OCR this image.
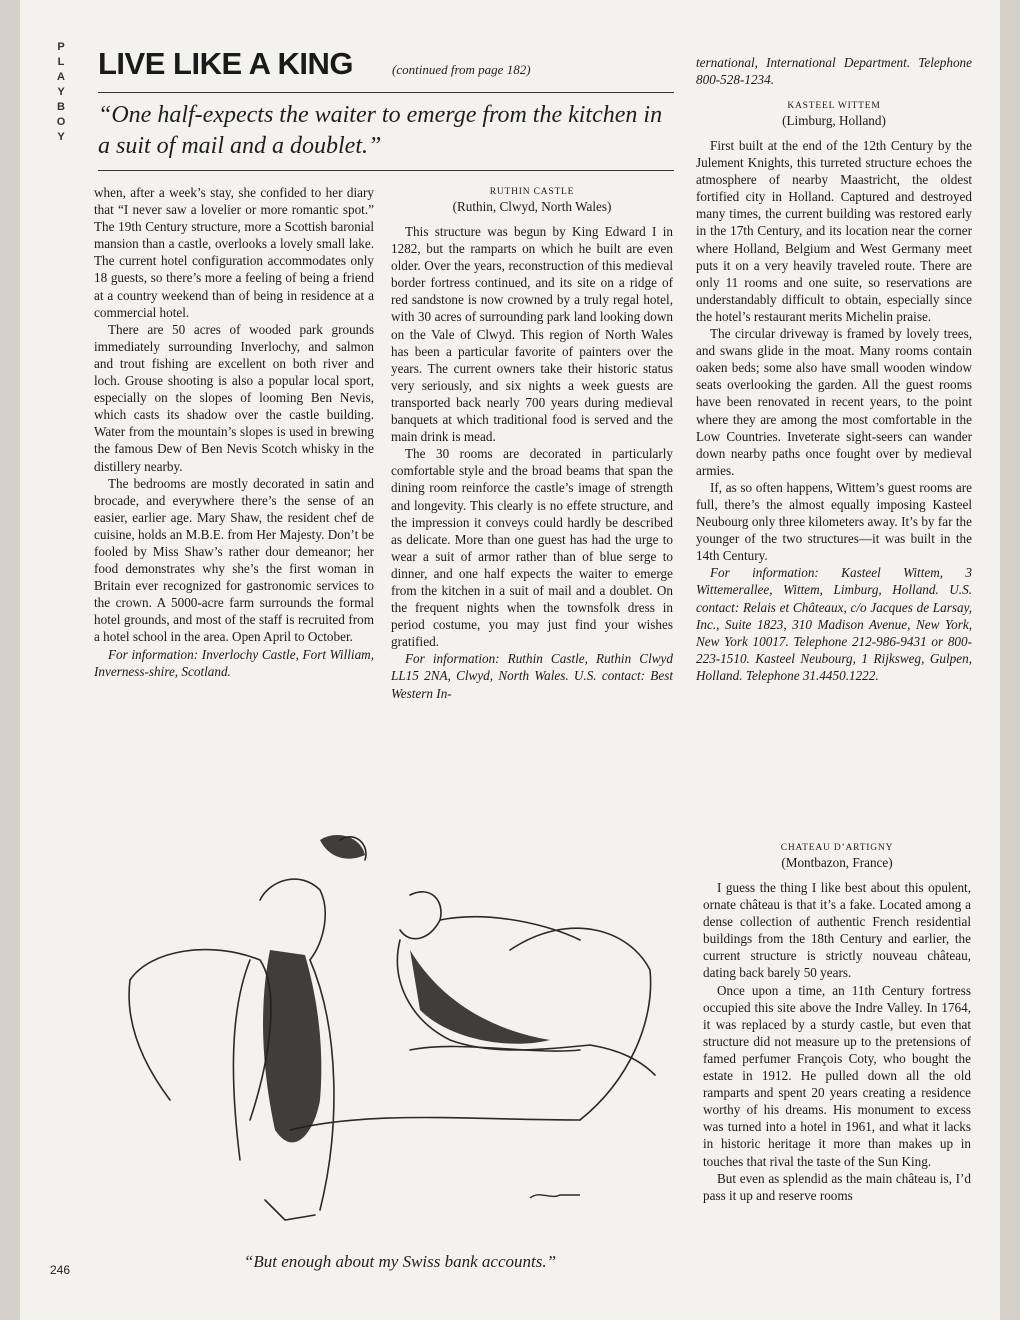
P
L
A
Y
B
O
Y
LIVE LIKE A KING	(continued from page 182)
“One half-expects the waiter to emerge from the kitchen in a suit of mail and a doublet.”

when, after a week’s stay, she confided to her diary that “I never saw a lovelier or more romantic spot.” The 19th Century structure, more a Scottish baronial mansion than a castle, overlooks a lovely small lake. The current hotel configuration accommodates only 18 guests, so there’s more a feeling of being a friend at a country weekend than of being in residence at a commercial hotel.

There are 50 acres of wooded park grounds immediately surrounding Inverlochy, and salmon and trout fishing are excellent on both river and loch. Grouse shooting is also a popular local sport, especially on the slopes of looming Ben Nevis, which casts its shadow over the castle building. Water from the mountain’s slopes is used in brewing the famous Dew of Ben Nevis Scotch whisky in the distillery nearby.

The bedrooms are mostly decorated in satin and brocade, and everywhere there’s the sense of an easier, earlier age. Mary Shaw, the resident chef de cuisine, holds an M.B.E. from Her Majesty. Don’t be fooled by Miss Shaw’s rather dour demeanor; her food demonstrates why she’s the first woman in Britain ever recognized for gastronomic services to the crown. A 5000-acre farm surrounds the formal hotel grounds, and most of the staff is recruited from a hotel school in the area. Open April to October.

For information: Inverlochy Castle, Fort William, Inverness-shire, Scotland.

RUTHIN CASTLE
(Ruthin, Clwyd, North Wales)

This structure was begun by King Edward I in 1282, but the ramparts on which he built are even older. Over the years, reconstruction of this medieval border fortress continued, and its site on a ridge of red sandstone is now crowned by a truly regal hotel, with 30 acres of surrounding park land looking down on the Vale of Clwyd. This region of North Wales has been a particular favorite of painters over the years. The current owners take their historic status very seriously, and six nights a week guests are transported back nearly 700 years during medieval banquets at which traditional food is served and the main drink is mead.

The 30 rooms are decorated in particularly comfortable style and the broad beams that span the dining room reinforce the castle’s image of strength and longevity. This clearly is no effete structure, and the impression it conveys could hardly be described as delicate. More than one guest has had the urge to wear a suit of armor rather than of blue serge to dinner, and one half expects the waiter to emerge from the kitchen in a suit of mail and a doublet. On the frequent nights when the townsfolk dress in period costume, you may just find your wishes gratified.

For information: Ruthin Castle, Ruthin Clwyd LL15 2NA, Clwyd, North Wales. U.S. contact: Best Western In-

ternational, International Department. Telephone 800-528-1234.

KASTEEL WITTEM
(Limburg, Holland)

First built at the end of the 12th Century by the Julement Knights, this turreted structure echoes the atmosphere of nearby Maastricht, the oldest fortified city in Holland. Captured and destroyed many times, the current building was restored early in the 17th Century, and its location near the corner where Holland, Belgium and West Germany meet puts it on a very heavily traveled route. There are only 11 rooms and one suite, so reservations are understandably difficult to obtain, especially since the hotel’s restaurant merits Michelin praise.

The circular driveway is framed by lovely trees, and swans glide in the moat. Many rooms contain oaken beds; some also have small wooden window seats overlooking the garden. All the guest rooms have been renovated in recent years, to the point where they are among the most comfortable in the Low Countries. Inveterate sight-seers can wander down nearby paths once fought over by medieval armies.

If, as so often happens, Wittem’s guest rooms are full, there’s the almost equally imposing Kasteel Neubourg only three kilometers away. It’s by far the younger of the two structures—it was built in the 14th Century.

For information: Kasteel Wittem, 3 Wittemerallee, Wittem, Limburg, Holland. U.S. contact: Relais et Châteaux, c/o Jacques de Larsay, Inc., Suite 1823, 310 Madison Avenue, New York, New York 10017. Telephone 212-986-9431 or 800-223-1510. Kasteel Neubourg, 1 Rijksweg, Gulpen, Holland. Telephone 31.4450.1222.

CHATEAU D’ARTIGNY
(Montbazon, France)

I guess the thing I like best about this opulent, ornate château is that it’s a fake. Located among a dense collection of authentic French residential buildings from the 18th Century and earlier, the current structure is strictly nouveau château, dating back barely 50 years.

Once upon a time, an 11th Century fortress occupied this site above the Indre Valley. In 1764, it was replaced by a sturdy castle, but even that structure did not measure up to the pretensions of famed perfumer François Coty, who bought the estate in 1912. He pulled down all the old ramparts and spent 20 years creating a residence worthy of his dreams. His monument to excess was turned into a hotel in 1961, and what it lacks in historic heritage it more than makes up in touches that rival the taste of the Sun King.

But even as splendid as the main château is, I’d pass it up and reserve rooms

“But enough about my Swiss bank accounts.”
246
